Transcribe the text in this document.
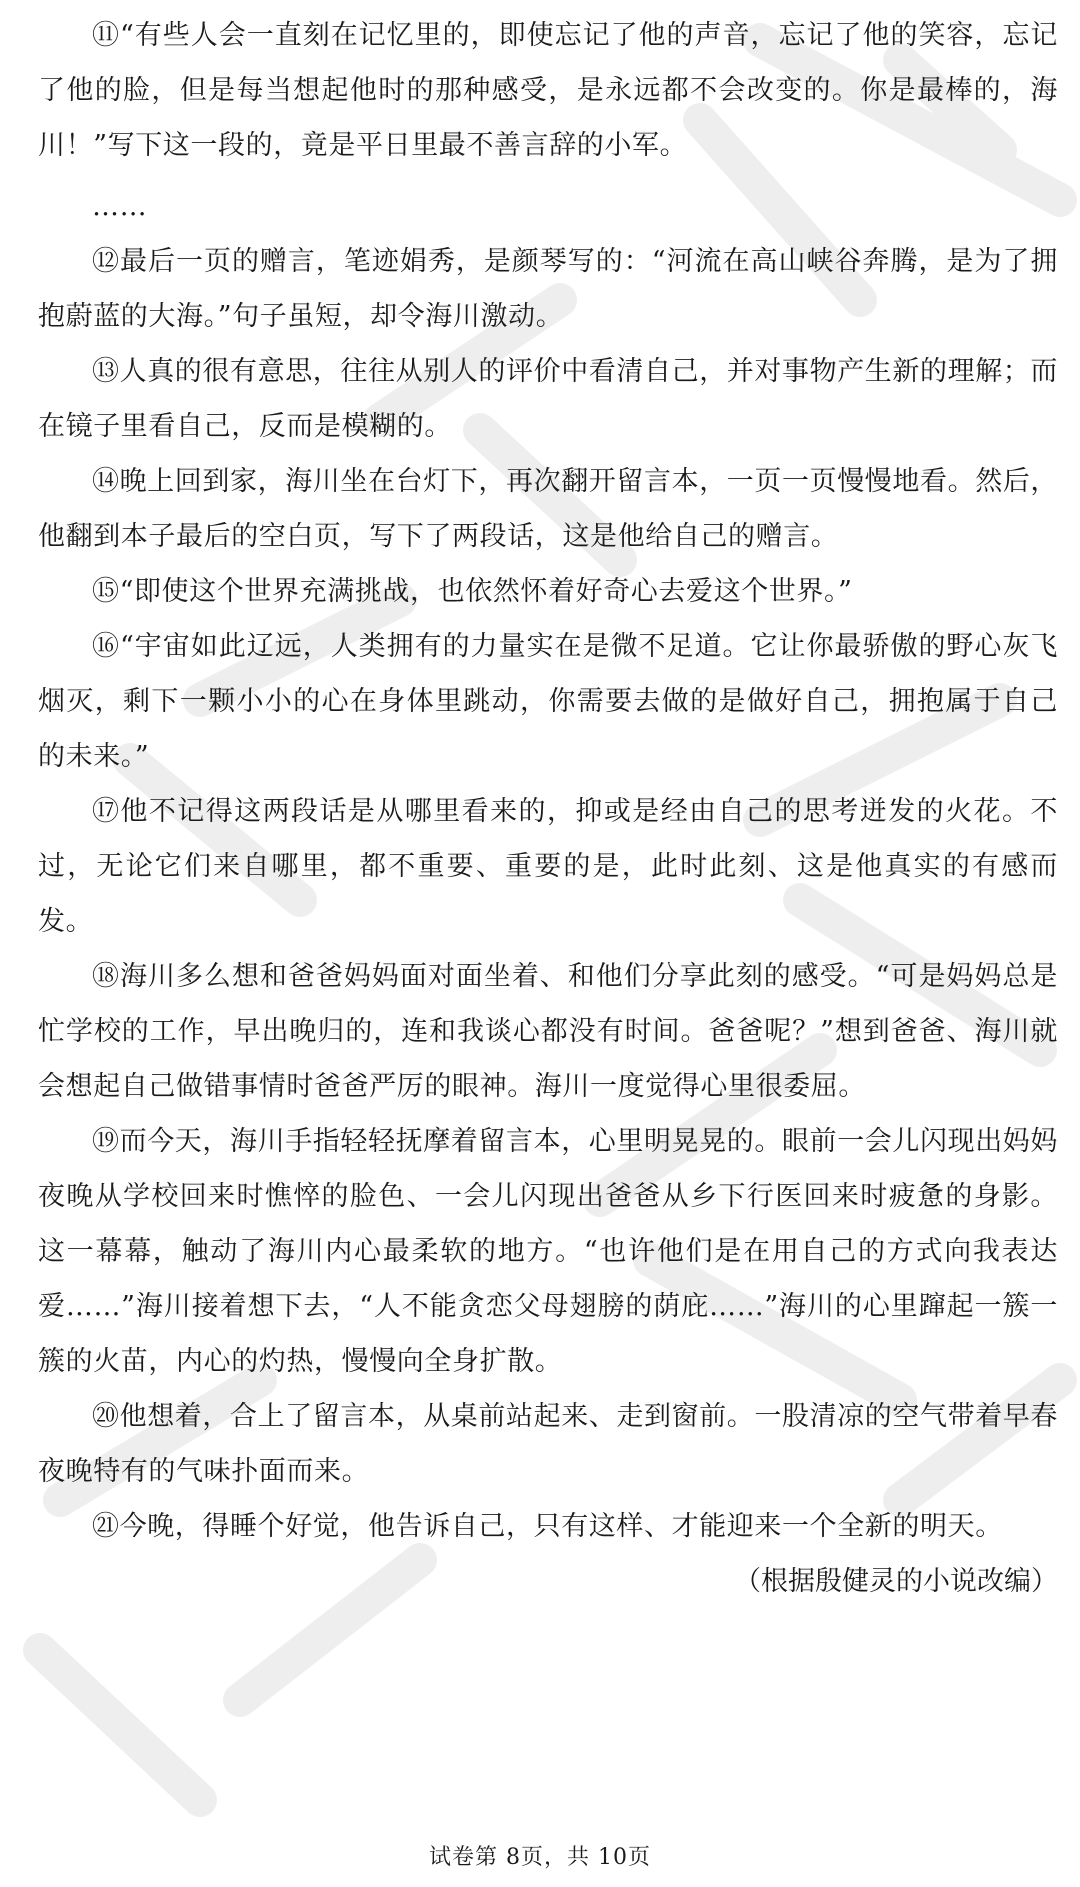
⑪“有些人会一直刻在记忆里的，即使忘记了他的声音，忘记了他的笑容，忘记了他的脸，但是每当想起他时的那种感受，是永远都不会改变的。你是最棒的，海川！”写下这一段的，竟是平日里最不善言辞的小军。

……

⑫最后一页的赠言，笔迹娟秀，是颜琴写的：“河流在高山峡谷奔腾，是为了拥抱蔚蓝的大海。”句子虽短，却令海川激动。

⑬人真的很有意思，往往从别人的评价中看清自己，并对事物产生新的理解；而在镜子里看自己，反而是模糊的。

⑭晚上回到家，海川坐在台灯下，再次翻开留言本，一页一页慢慢地看。然后，他翻到本子最后的空白页，写下了两段话，这是他给自己的赠言。

⑮“即使这个世界充满挑战，也依然怀着好奇心去爱这个世界。”

⑯“宇宙如此辽远，人类拥有的力量实在是微不足道。它让你最骄傲的野心灰飞烟灭，剩下一颗小小的心在身体里跳动，你需要去做的是做好自己，拥抱属于自己的未来。”

⑰他不记得这两段话是从哪里看来的，抑或是经由自己的思考迸发的火花。不过，无论它们来自哪里，都不重要、重要的是，此时此刻、这是他真实的有感而发。

⑱海川多么想和爸爸妈妈面对面坐着、和他们分享此刻的感受。“可是妈妈总是忙学校的工作，早出晚归的，连和我谈心都没有时间。爸爸呢？”想到爸爸、海川就会想起自己做错事情时爸爸严厉的眼神。海川一度觉得心里很委屈。

⑲而今天，海川手指轻轻抚摩着留言本，心里明晃晃的。眼前一会儿闪现出妈妈夜晚从学校回来时憔悴的脸色、一会儿闪现出爸爸从乡下行医回来时疲惫的身影。这一幕幕，触动了海川内心最柔软的地方。“也许他们是在用自己的方式向我表达爱……”海川接着想下去，“人不能贪恋父母翅膀的荫庇……”海川的心里蹿起一簇一簇的火苗，内心的灼热，慢慢向全身扩散。

⑳他想着，合上了留言本，从桌前站起来、走到窗前。一股清凉的空气带着早春夜晚特有的气味扑面而来。

㉑今晚，得睡个好觉，他告诉自己，只有这样、才能迎来一个全新的明天。

（根据殷健灵的小说改编）

试卷第 8页，共 10页
